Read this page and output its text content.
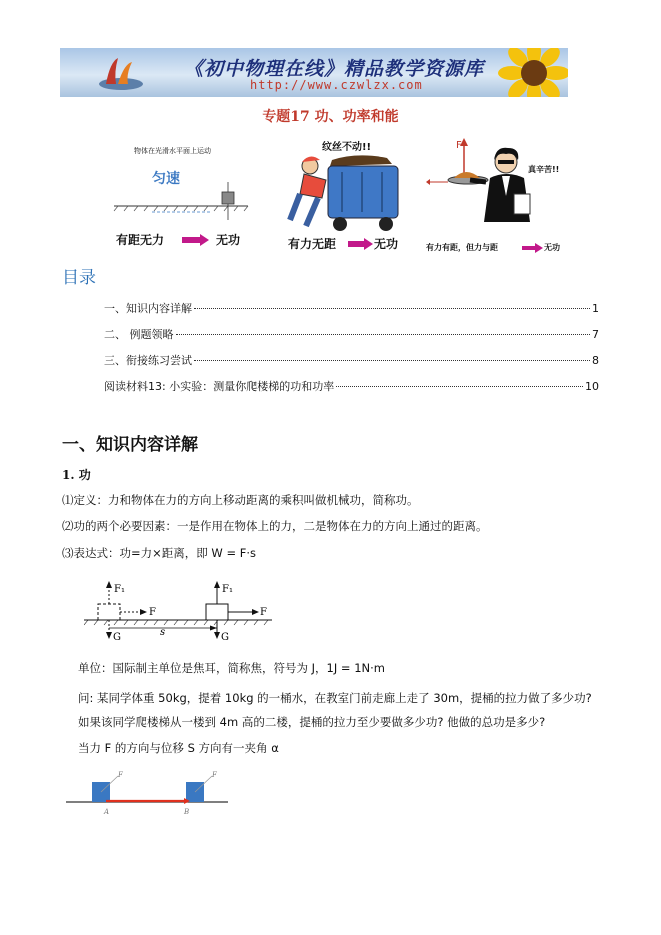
《初中物理在线》精品教学资源库
http://www.czwlzx.com
专题17 功、功率和能
物体在光滑水平面上运动
匀速
有距无力	无功
纹丝不动!!
有力无距	无功
F
真辛苦!!
有力有距，但力与距	无功
目录
一、知识内容详解	1
二、 例题领略	7
三、衔接练习尝试	8
阅读材料13: 小实验：测量你爬楼梯的功和功率	10
一、知识内容详解
1. 功
⑴定义：力和物体在力的方向上移动距离的乘积叫做机械功，简称功。
⑵功的两个必要因素：一是作用在物体上的力，二是物体在力的方向上通过的距离。
⑶表达式：功=力×距离，即 W = F·s
F₁
F
G
F₁
F
G
s
单位：国际制主单位是焦耳，简称焦，符号为 J，1J = 1N·m
问: 某同学体重 50kg，提着 10kg 的一桶水，在教室门前走廊上走了 30m，提桶的拉力做了多少功? 如果该同学爬楼梯从一楼到 4m 高的二楼，提桶的拉力至少要做多少功? 他做的总功是多少?
当力 F 的方向与位移 S 方向有一夹角 α
F	F
A	B
